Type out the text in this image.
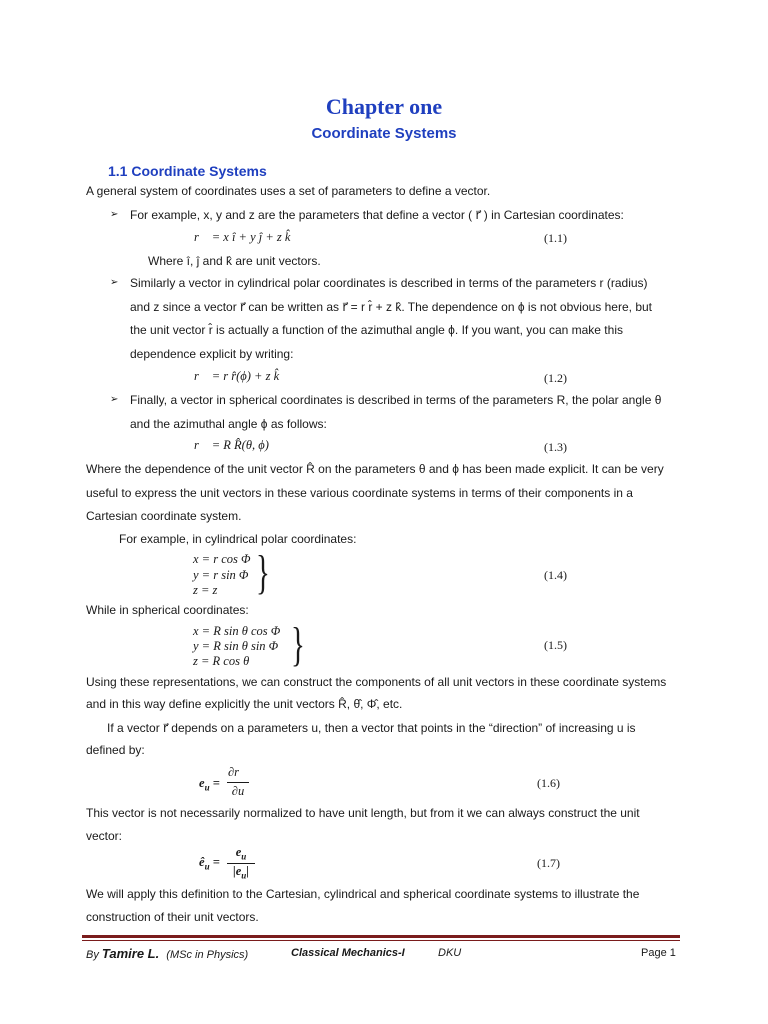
Chapter one
Coordinate Systems
1.1 Coordinate Systems
A general system of coordinates uses a set of parameters to define a vector.
➢ For example, x, y and z are the parameters that define a vector ( r⃗ ) in Cartesian coordinates:
r⃗ = x î + y ĵ + z k̂	(1.1)
Where î, ĵ and k̂ are unit vectors.
➢ Similarly a vector in cylindrical polar coordinates is described in terms of the parameters r (radius)
and z since a vector r⃗ can be written as r⃗ = r r̂ + z k̂. The dependence on ϕ is not obvious here, but
the unit vector r̂ is actually a function of the azimuthal angle ϕ. If you want, you can make this
dependence explicit by writing:
r⃗ = r r̂(ϕ) + z k̂	(1.2)
➢ Finally, a vector in spherical coordinates is described in terms of the parameters R, the polar angle θ
and the azimuthal angle ϕ as follows:
r⃗ = R R̂(θ, ϕ)	(1.3)
Where the dependence of the unit vector R̂ on the parameters θ and ϕ has been made explicit. It can be very
useful to express the unit vectors in these various coordinate systems in terms of their components in a
Cartesian coordinate system.
For example, in cylindrical polar coordinates:
x = r cos Φ
y = r sin Φ
z = z }	(1.4)
While in spherical coordinates:
x = R sin θ cos Φ
y = R sin θ sin Φ
z = R cos θ }	(1.5)
Using these representations, we can construct the components of all unit vectors in these coordinate systems
and in this way define explicitly the unit vectors R̂, θ̂, Φ̂, etc.
If a vector r⃗ depends on a parameters u, then a vector that points in the “direction” of increasing u is
defined by:
$e_u$ =
∂r⃗
∂u
(1.6)
This vector is not necessarily normalized to have unit length, but from it we can always construct the unit
vector:
$ê_u$ =
$e_u$
$|e_u|$
(1.7)
We will apply this definition to the Cartesian, cylindrical and spherical coordinate systems to illustrate the
construction of their unit vectors.
By Tamire L. (MSc in Physics)	Classical Mechanics-I	DKU	Page 1
